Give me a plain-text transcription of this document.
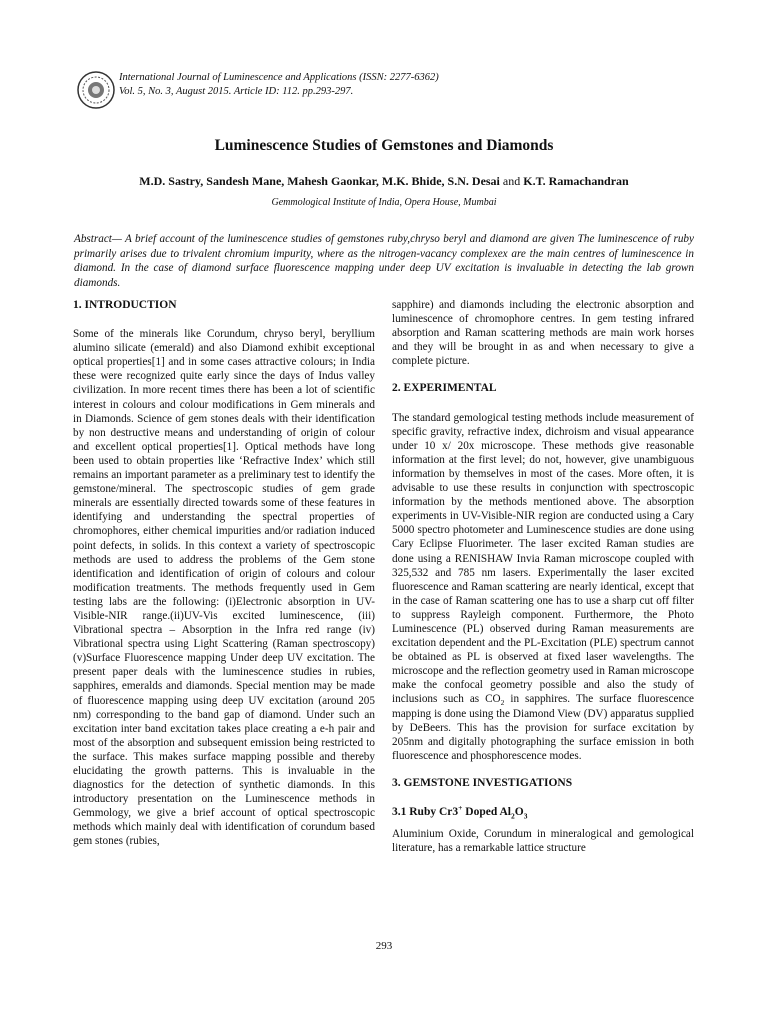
International Journal of Luminescence and Applications (ISSN: 2277-6362)
Vol. 5, No. 3, August 2015. Article ID: 112. pp.293-297.
Luminescence Studies of Gemstones and Diamonds
M.D. Sastry, Sandesh Mane, Mahesh Gaonkar, M.K. Bhide, S.N. Desai and K.T. Ramachandran
Gemmological Institute of India, Opera House, Mumbai
Abstract— A brief account of the luminescence studies of gemstones ruby,chryso beryl and diamond are given The luminescence of ruby primarily arises due to trivalent chromium impurity, where as the nitrogen-vacancy complexex are the main centres of luminescence in diamond. In the case of diamond surface fluorescence mapping under deep UV excitation is invaluable in detecting the lab grown diamonds.
1. INTRODUCTION

Some of the minerals like Corundum, chryso beryl, beryllium alumino silicate (emerald) and also Diamond exhibit exceptional optical properties[1] and in some cases attractive colours; in India these were recognized quite early since the days of Indus valley civilization. In more recent times there has been a lot of scientific interest in colours and colour modifications in Gem minerals and in Diamonds. Science of gem stones deals with their identification by non destructive means and understanding of origin of colour and excellent optical properties[1]. Optical methods have long been used to obtain properties like ‘Refractive Index’ which still remains an important parameter as a preliminary test to identify the gemstone/mineral. The spectroscopic studies of gem grade minerals are essentially directed towards some of these features in identifying and understanding the spectral properties of chromophores, either chemical impurities and/or radiation induced point defects, in solids. In this context a variety of spectroscopic methods are used to address the problems of the Gem stone identification and identification of origin of colours and colour modification treatments. The methods frequently used in Gem testing labs are the following: (i)Electronic absorption in UV-Visible-NIR range.(ii)UV-Vis excited luminescence, (iii) Vibrational spectra – Absorption in the Infra red range (iv) Vibrational spectra using Light Scattering (Raman spectroscopy) (v)Surface Fluorescence mapping Under deep UV excitation. The present paper deals with the luminescence studies in rubies, sapphires, emeralds and diamonds. Special mention may be made of fluorescence mapping using deep UV excitation (around 205 nm) corresponding to the band gap of diamond. Under such an excitation inter band excitation takes place creating a e-h pair and most of the absorption and subsequent emission being restricted to the surface. This makes surface mapping possible and thereby elucidating the growth patterns. This is invaluable in the diagnostics for the detection of synthetic diamonds. In this introductory presentation on the Luminescence methods in Gemmology, we give a brief account of optical spectroscopic methods which mainly deal with identification of corundum based gem stones (rubies,

sapphire) and diamonds including the electronic absorption and luminescence of chromophore centres. In gem testing infrared absorption and Raman scattering methods are main work horses and they will be brought in as and when necessary to give a complete picture.

2. EXPERIMENTAL

The standard gemological testing methods include measurement of specific gravity, refractive index, dichroism and visual appearance under 10 x/ 20x microscope. These methods give reasonable information at the first level; do not, however, give unambiguous information by themselves in most of the cases. More often, it is advisable to use these results in conjunction with spectroscopic information by the methods mentioned above. The absorption experiments in UV-Visible-NIR region are conducted using a Cary 5000 spectro photometer and Luminescence studies are done using Cary Eclipse Fluorimeter. The laser excited Raman studies are done using a RENISHAW Invia Raman microscope coupled with 325,532 and 785 nm lasers. Experimentally the laser excited fluorescence and Raman scattering are nearly identical, except that in the case of Raman scattering one has to use a sharp cut off filter to suppress Rayleigh component. Furthermore, the Photo Luminescence (PL) observed during Raman measurements are excitation dependent and the PL-Excitation (PLE) spectrum cannot be obtained as PL is observed at fixed laser wavelengths. The microscope and the reflection geometry used in Raman microscope make the confocal geometry possible and also the study of inclusions such as $CO_2$ in sapphires. The surface fluorescence mapping is done using the Diamond View (DV) apparatus supplied by DeBeers. This has the provision for surface excitation by 205nm and digitally photographing the surface emission in both fluorescence and phosphorescence modes.

3. GEMSTONE INVESTIGATIONS
3.1 Ruby Cr3+ Doped $Al_2O_3$

Aluminium Oxide, Corundum in mineralogical and gemological literature, has a remarkable lattice structure

293
